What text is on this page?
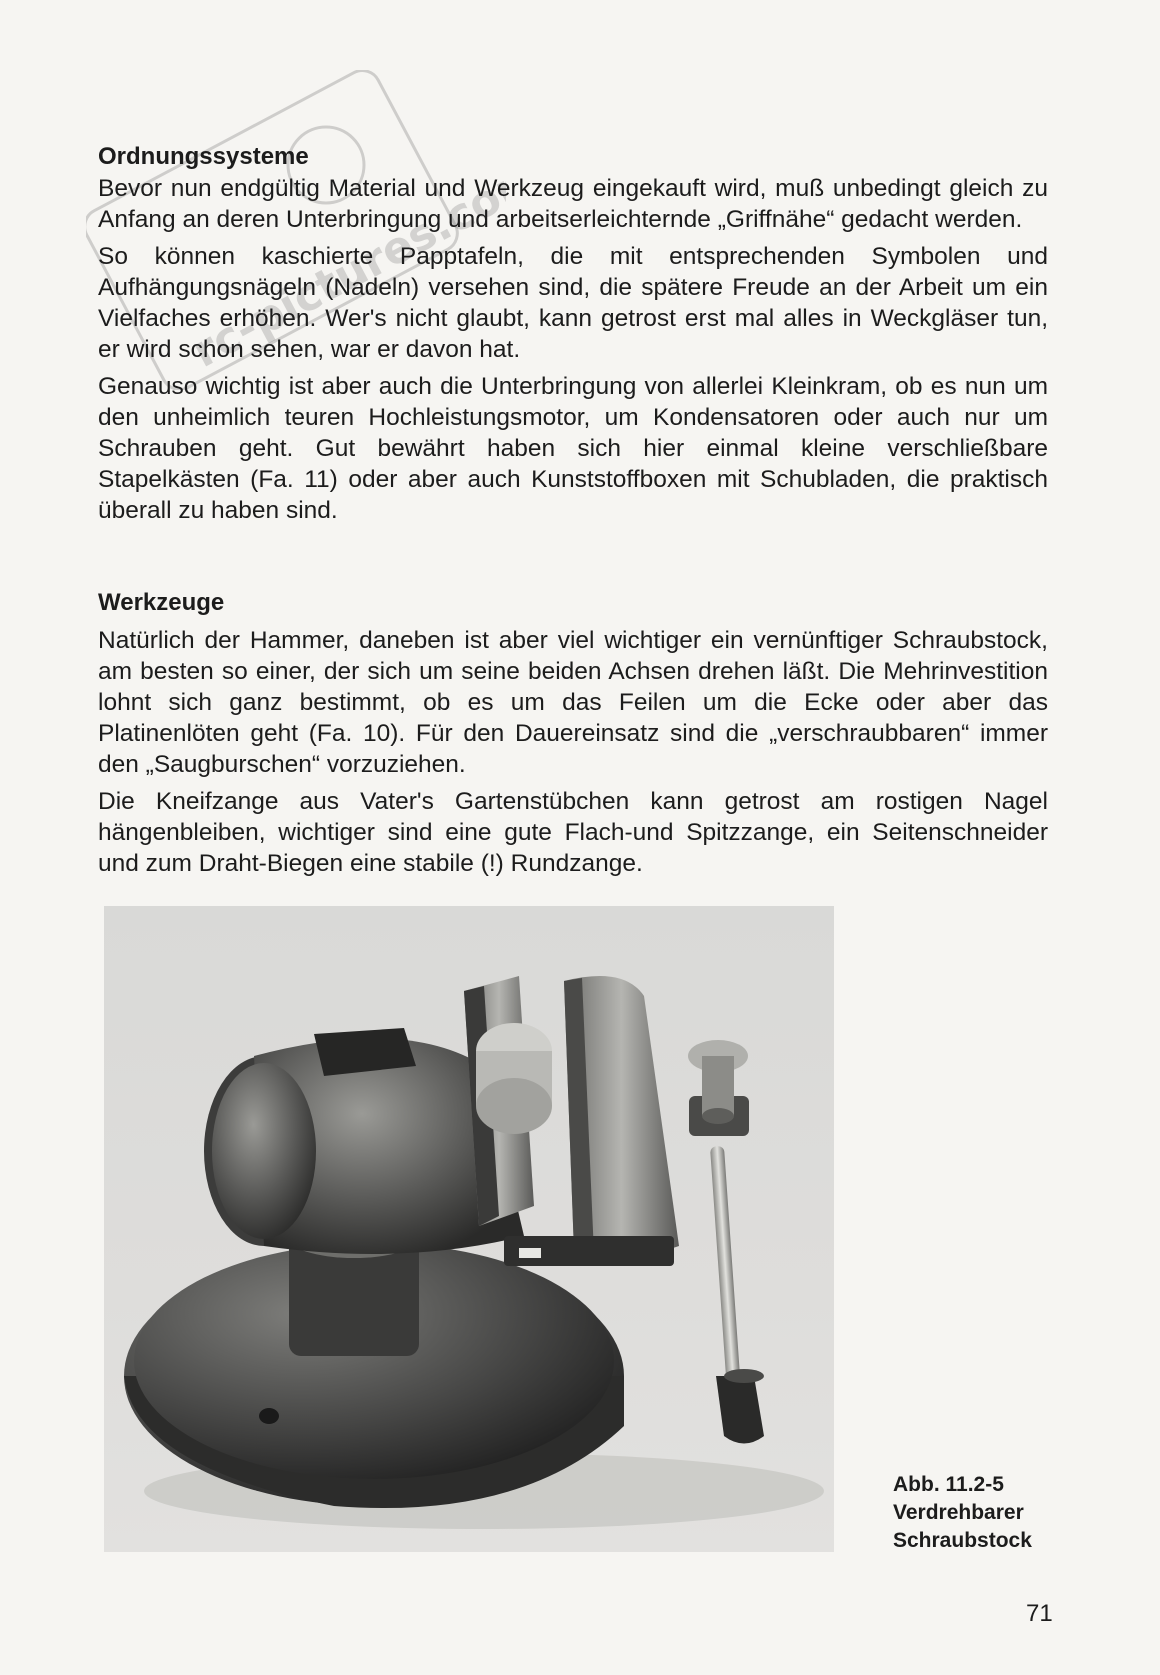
rc-pictures.com

Ordnungssysteme

Bevor nun endgültig Material und Werkzeug eingekauft wird, muß unbedingt gleich zu Anfang an deren Unterbringung und arbeitserleichternde „Griffnähe“ gedacht werden.

So können kaschierte Papptafeln, die mit entsprechenden Symbolen und Aufhängungsnägeln (Nadeln) versehen sind, die spätere Freude an der Arbeit um ein Vielfaches erhöhen. Wer's nicht glaubt, kann getrost erst mal alles in Weckgläser tun, er wird schon sehen, war er davon hat.

Genauso wichtig ist aber auch die Unterbringung von allerlei Kleinkram, ob es nun um den unheimlich teuren Hochleistungsmotor, um Kondensatoren oder auch nur um Schrauben geht. Gut bewährt haben sich hier einmal kleine verschließbare Stapelkästen (Fa. 11) oder aber auch Kunststoffboxen mit Schubladen, die praktisch überall zu haben sind.

Werkzeuge

Natürlich der Hammer, daneben ist aber viel wichtiger ein vernünftiger Schraubstock, am besten so einer, der sich um seine beiden Achsen drehen läßt. Die Mehrinvestition lohnt sich ganz bestimmt, ob es um das Feilen um die Ecke oder aber das Platinenlöten geht (Fa. 10). Für den Dauereinsatz sind die „verschraubbaren“ immer den „Saugburschen“ vorzuziehen.

Die Kneifzange aus Vater's Gartenstübchen kann getrost am rostigen Nagel hängenbleiben, wichtiger sind eine gute Flach-und Spitzzange, ein Seitenschneider und zum Draht-Biegen eine stabile (!) Rundzange.

Abb. 11.2-5
Verdrehbarer
Schraubstock
71
